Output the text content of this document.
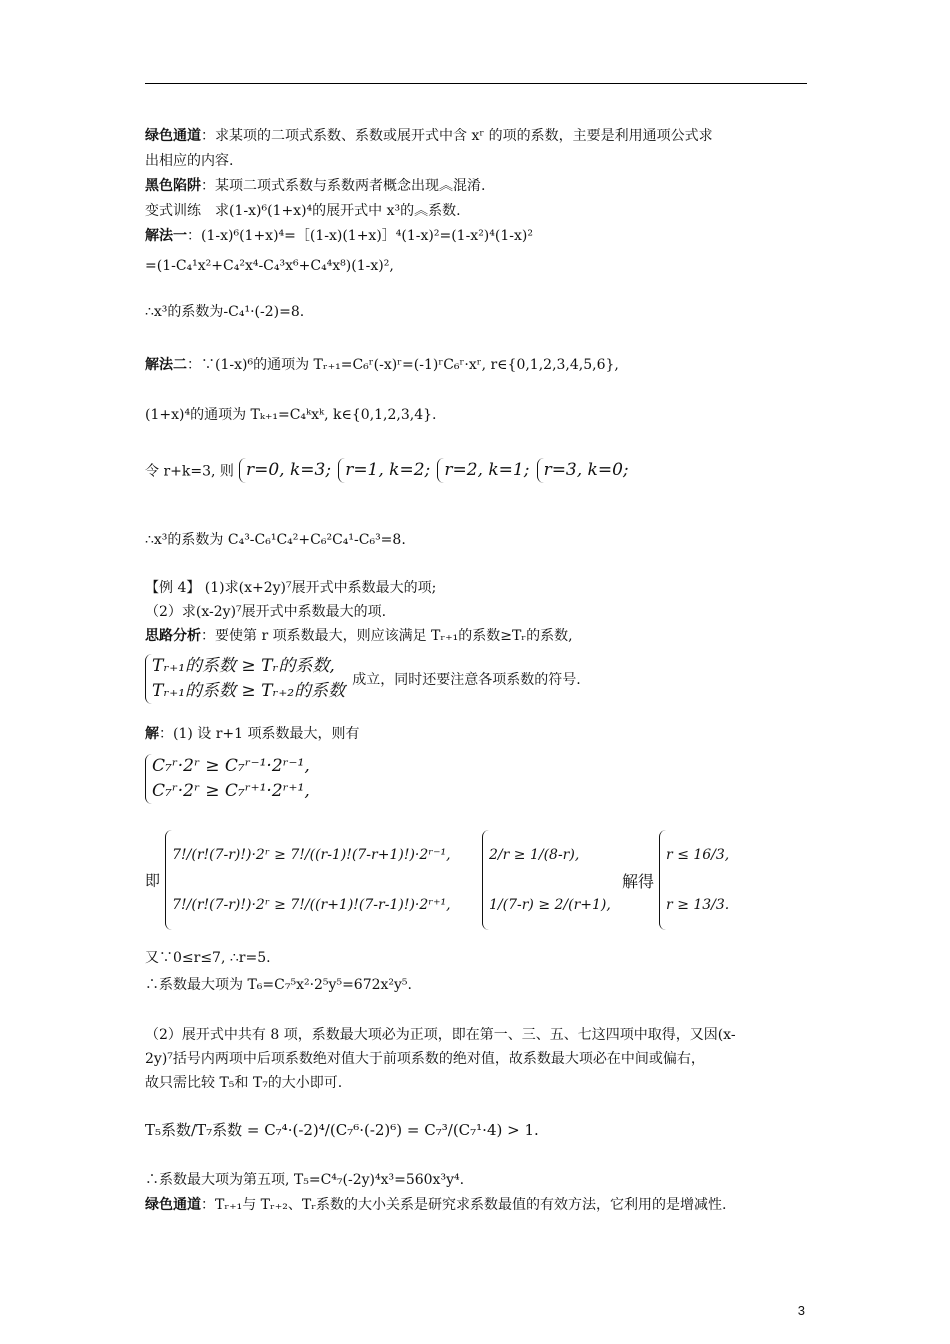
绿色通道：求某项的二项式系数、系数或展开式中含 xʳ 的项的系数，主要是利用通项公式求
出相应的内容.
黑色陷阱：某项二项式系数与系数两者概念出现︽混淆.
变式训练　求(1-x)⁶(1+x)⁴的展开式中 x³的︽系数.
解法一：(1-x)⁶(1+x)⁴=［(1-x)(1+x)］⁴(1-x)²=(1-x²)⁴(1-x)²
=(1-C₄¹x²+C₄²x⁴-C₄³x⁶+C₄⁴x⁸)(1-x)²,
∴x³的系数为-C₄¹·(-2)=8.
解法二：∵(1-x)⁶的通项为 Tᵣ₊₁=C₆ʳ(-x)ʳ=(-1)ʳC₆ʳ·xʳ, r∈{0,1,2,3,4,5,6},
(1+x)⁴的通项为 Tₖ₊₁=C₄ᵏxᵏ, k∈{0,1,2,3,4}.
令 r+k=3, 则 r=0, k=3;
r=1, k=2;
r=2, k=1;
r=3, k=0;
∴x³的系数为 C₄³-C₆¹C₄²+C₆²C₄¹-C₆³=8.
【例 4】 (1)求(x+2y)⁷展开式中系数最大的项;
（2）求(x-2y)⁷展开式中系数最大的项.
思路分析：要使第 r 项系数最大，则应该满足 Tᵣ₊₁的系数≥Tᵣ的系数,
Tᵣ₊₁的系数 ≥ Tᵣ的系数,
Tᵣ₊₁的系数 ≥ Tᵣ₊₂的系数
成立，同时还要注意各项系数的符号.
解：(1) 设 r+1 项系数最大，则有
C₇ʳ·2ʳ ≥ C₇ʳ⁻¹·2ʳ⁻¹,
C₇ʳ·2ʳ ≥ C₇ʳ⁺¹·2ʳ⁺¹,
即
7!/(r!(7-r)!)·2ʳ ≥ 7!/((r-1)!(7-r+1)!)·2ʳ⁻¹,
7!/(r!(7-r)!)·2ʳ ≥ 7!/((r+1)!(7-r-1)!)·2ʳ⁺¹,
2/r ≥ 1/(8-r),
1/(7-r) ≥ 2/(r+1),
解得
r ≤ 16/3,
r ≥ 13/3.
又∵0≤r≤7, ∴r=5.
∴系数最大项为 T₆=C₇⁵x²·2⁵y⁵=672x²y⁵.
（2）展开式中共有 8 项，系数最大项必为正项，即在第一、三、五、七这四项中取得，又因(x-
2y)⁷括号内两项中后项系数绝对值大于前项系数的绝对值，故系数最大项必在中间或偏右，
故只需比较 T₅和 T₇的大小即可.
T₅系数/T₇系数 = C₇⁴·(-2)⁴/(C₇⁶·(-2)⁶) = C₇³/(C₇¹·4) > 1.
∴系数最大项为第五项, T₅=C⁴₇(-2y)⁴x³=560x³y⁴.
绿色通道：Tᵣ₊₁与 Tᵣ₊₂、Tᵣ系数的大小关系是研究求系数最值的有效方法，它利用的是增减性.
3
